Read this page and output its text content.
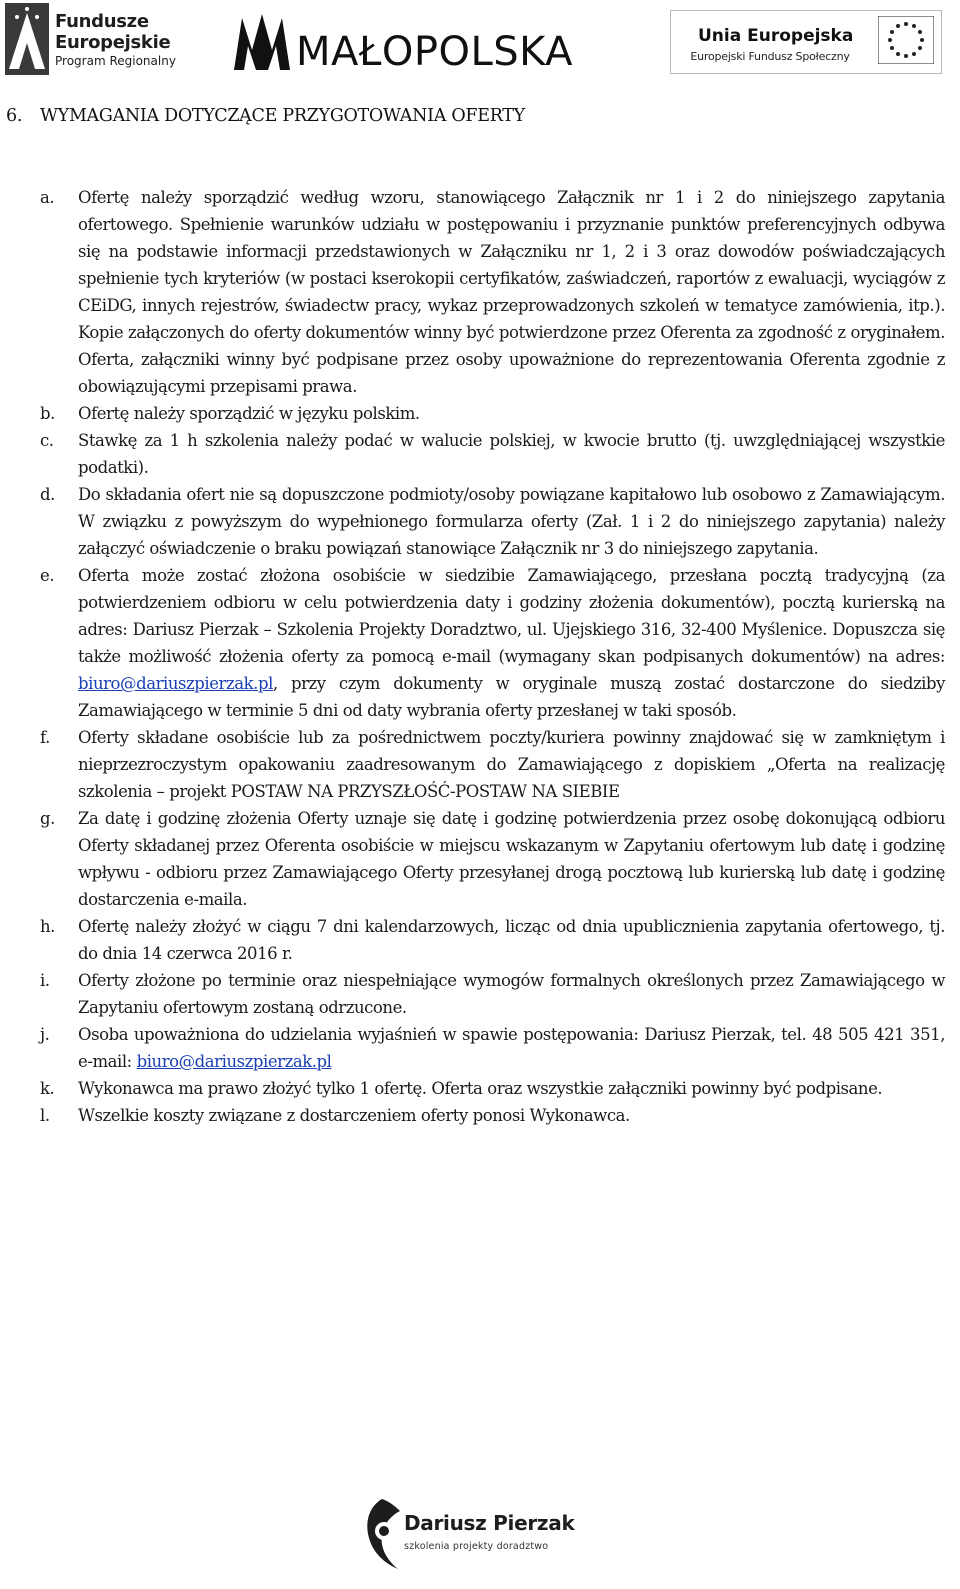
Fundusze
Europejskie
Program Regionalny	MAŁOPOLSKA	Unia Europejska
Europejski Fundusz Społeczny
6. WYMAGANIA DOTYCZĄCE PRZYGOTOWANIA OFERTY
a. Ofertę należy sporządzić według wzoru, stanowiącego Załącznik nr 1 i 2 do niniejszego zapytania ofertowego. Spełnienie warunków udziału w postępowaniu i przyznanie punktów preferencyjnych odbywa się na podstawie informacji przedstawionych w Załączniku nr 1, 2 i 3 oraz dowodów poświadczających spełnienie tych kryteriów (w postaci kserokopii certyfikatów, zaświadczeń, raportów z ewaluacji, wyciągów z CEiDG, innych rejestrów, świadectw pracy, wykaz przeprowadzonych szkoleń w tematyce zamówienia, itp.). Kopie załączonych do oferty dokumentów winny być potwierdzone przez Oferenta za zgodność z oryginałem. Oferta, załączniki winny być podpisane przez osoby upoważnione do reprezentowania Oferenta zgodnie z obowiązującymi przepisami prawa.
b. Ofertę należy sporządzić w języku polskim.
c. Stawkę za 1 h szkolenia należy podać w walucie polskiej, w kwocie brutto (tj. uwzględniającej wszystkie podatki).
d. Do składania ofert nie są dopuszczone podmioty/osoby powiązane kapitałowo lub osobowo z Zamawiającym. W związku z powyższym do wypełnionego formularza oferty (Zał. 1 i 2 do niniejszego zapytania) należy załączyć oświadczenie o braku powiązań stanowiące Załącznik nr 3 do niniejszego zapytania.
e. Oferta może zostać złożona osobiście w siedzibie Zamawiającego, przesłana pocztą tradycyjną (za potwierdzeniem odbioru w celu potwierdzenia daty i godziny złożenia dokumentów), pocztą kurierską na adres: Dariusz Pierzak – Szkolenia Projekty Doradztwo, ul. Ujejskiego 316, 32-400 Myślenice. Dopuszcza się także możliwość złożenia oferty za pomocą e-mail (wymagany skan podpisanych dokumentów) na adres: biuro@dariuszpierzak.pl, przy czym dokumenty w oryginale muszą zostać dostarczone do siedziby Zamawiającego w terminie 5 dni od daty wybrania oferty przesłanej w taki sposób.
f. Oferty składane osobiście lub za pośrednictwem poczty/kuriera powinny znajdować się w zamkniętym i nieprzezroczystym opakowaniu zaadresowanym do Zamawiającego z dopiskiem „Oferta na realizację szkolenia – projekt POSTAW NA PRZYSZŁOŚĆ-POSTAW NA SIEBIE
g. Za datę i godzinę złożenia Oferty uznaje się datę i godzinę potwierdzenia przez osobę dokonującą odbioru Oferty składanej przez Oferenta osobiście w miejscu wskazanym w Zapytaniu ofertowym lub datę i godzinę wpływu - odbioru przez Zamawiającego Oferty przesyłanej drogą pocztową lub kurierską lub datę i godzinę dostarczenia e-maila.
h. Ofertę należy złożyć w ciągu 7 dni kalendarzowych, licząc od dnia upublicznienia zapytania ofertowego, tj. do dnia 14 czerwca 2016 r.
i. Oferty złożone po terminie oraz niespełniające wymogów formalnych określonych przez Zamawiającego w Zapytaniu ofertowym zostaną odrzucone.
j. Osoba upoważniona do udzielania wyjaśnień w spawie postępowania: Dariusz Pierzak, tel. 48 505 421 351, e-mail: biuro@dariuszpierzak.pl
k. Wykonawca ma prawo złożyć tylko 1 ofertę. Oferta oraz wszystkie załączniki powinny być podpisane.
l. Wszelkie koszty związane z dostarczeniem oferty ponosi Wykonawca.
Dariusz Pierzak
szkolenia projekty doradztwo
